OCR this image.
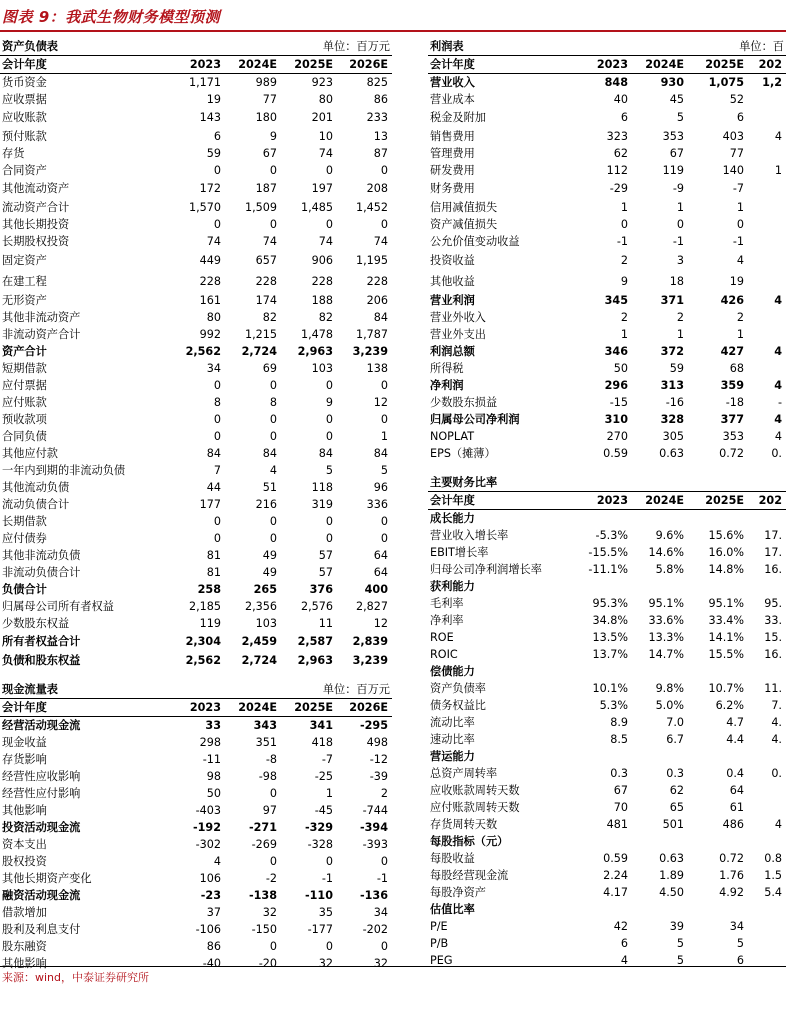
图表 9：我武生物财务模型预测
资产负债表	单位：百万元
会计年度	2023	2024E	2025E	2026E
货币资金	1,171	989	923	825
应收票据	19	77	80	86
应收账款	143	180	201	233
预付账款	6	9	10	13
存货	59	67	74	87
合同资产	0	0	0	0
其他流动资产	172	187	197	208
流动资产合计	1,570	1,509	1,485	1,452
其他长期投资	0	0	0	0
长期股权投资	74	74	74	74
固定资产	449	657	906	1,195
在建工程	228	228	228	228
无形资产	161	174	188	206
其他非流动资产	80	82	82	84
非流动资产合计	992	1,215	1,478	1,787
资产合计	2,562	2,724	2,963	3,239
短期借款	34	69	103	138
应付票据	0	0	0	0
应付账款	8	8	9	12
预收款项	0	0	0	0
合同负债	0	0	0	1
其他应付款	84	84	84	84
一年内到期的非流动负债	7	4	5	5
其他流动负债	44	51	118	96
流动负债合计	177	216	319	336
长期借款	0	0	0	0
应付债券	0	0	0	0
其他非流动负债	81	49	57	64
非流动负债合计	81	49	57	64
负债合计	258	265	376	400
归属母公司所有者权益	2,185	2,356	2,576	2,827
少数股东权益	119	103	11	12
所有者权益合计	2,304	2,459	2,587	2,839
负债和股东权益	2,562	2,724	2,963	3,239
现金流量表	单位：百万元
会计年度	2023	2024E	2025E	2026E
经营活动现金流	33	343	341	-295
现金收益	298	351	418	498
存货影响	-11	-8	-7	-12
经营性应收影响	98	-98	-25	-39
经营性应付影响	50	0	1	2
其他影响	-403	97	-45	-744
投资活动现金流	-192	-271	-329	-394
资本支出	-302	-269	-328	-393
股权投资	4	0	0	0
其他长期资产变化	106	-2	-1	-1
融资活动现金流	-23	-138	-110	-136
借款增加	37	32	35	34
股利及利息支付	-106	-150	-177	-202
股东融资	86	0	0	0
其他影响	-40	-20	32	32
利润表	单位：百
会计年度	2023	2024E	2025E	202
营业收入	848	930	1,075	1,2
营业成本	40	45	52	
税金及附加	6	5	6	
销售费用	323	353	403	4
管理费用	62	67	77	
研发费用	112	119	140	1
财务费用	-29	-9	-7	
信用减值损失	1	1	1	
资产减值损失	0	0	0	
公允价值变动收益	-1	-1	-1	
投资收益	2	3	4	
其他收益	9	18	19	
营业利润	345	371	426	4
营业外收入	2	2	2	
营业外支出	1	1	1	
利润总额	346	372	427	4
所得税	50	59	68	
净利润	296	313	359	4
少数股东损益	-15	-16	-18	-
归属母公司净利润	310	328	377	4
NOPLAT	270	305	353	4
EPS（摊薄）	0.59	0.63	0.72	0.
主要财务比率
会计年度	2023	2024E	2025E	202
成长能力				
营业收入增长率	-5.3%	9.6%	15.6%	17.
EBIT增长率	-15.5%	14.6%	16.0%	17.
归母公司净利润增长率	-11.1%	5.8%	14.8%	16.
获利能力				
毛利率	95.3%	95.1%	95.1%	95.
净利率	34.8%	33.6%	33.4%	33.
ROE	13.5%	13.3%	14.1%	15.
ROIC	13.7%	14.7%	15.5%	16.
偿债能力				
资产负债率	10.1%	9.8%	10.7%	11.
债务权益比	5.3%	5.0%	6.2%	7.
流动比率	8.9	7.0	4.7	4.
速动比率	8.5	6.7	4.4	4.
营运能力				
总资产周转率	0.3	0.3	0.4	0.
应收账款周转天数	67	62	64	
应付账款周转天数	70	65	61	
存货周转天数	481	501	486	4
每股指标（元）				
每股收益	0.59	0.63	0.72	0.8
每股经营现金流	2.24	1.89	1.76	1.5
每股净资产	4.17	4.50	4.92	5.4
估值比率				
P/E	42	39	34	
P/B	6	5	5	
PEG	4	5	6	
来源：wind，中泰证券研究所
